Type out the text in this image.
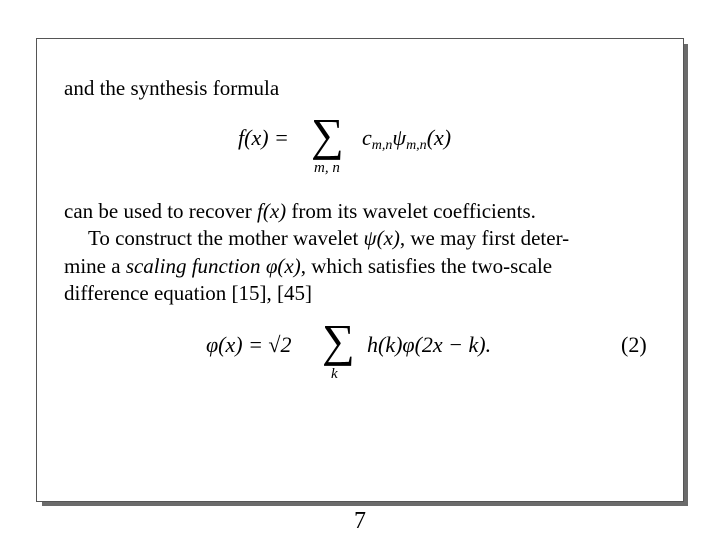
and the synthesis formula
f(x) = ∑
m, n
cm,nψm,n(x)
can be used to recover f(x) from its wavelet coefficients.
To construct the mother wavelet ψ(x), we may first deter-
mine a scaling function φ(x), which satisfies the two-scale
difference equation [15], [45]
φ(x) = √2 ∑
k
h(k)φ(2x − k).	(2)
7
